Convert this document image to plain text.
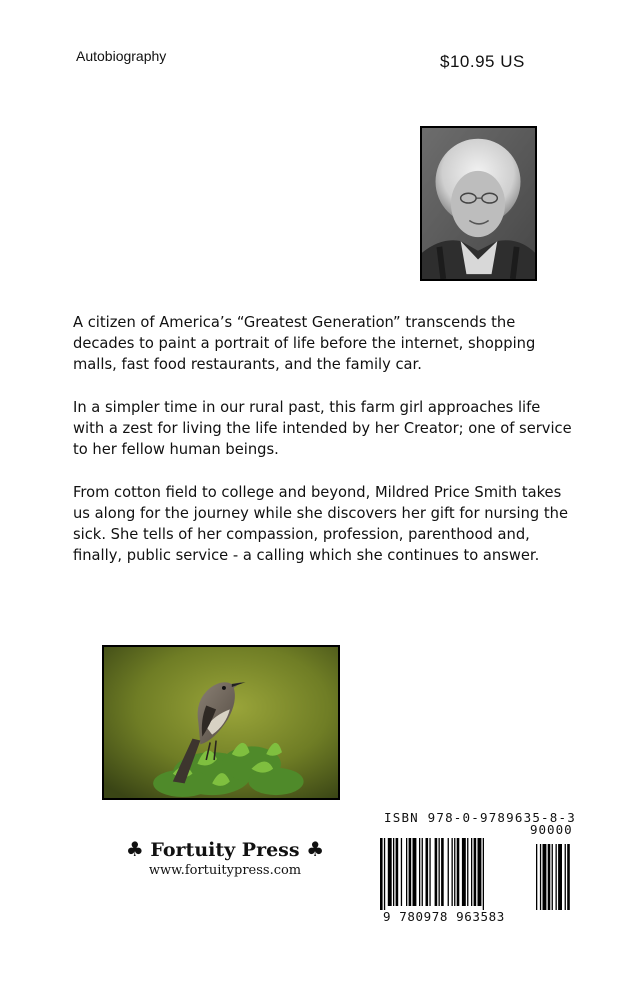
Autobiography	$10.95 US

A citizen of America’s “Greatest Generation” transcends the decades to paint a portrait of life before the internet, shopping malls, fast food restaurants, and the family car.

In a simpler time in our rural past, this farm girl approaches life with a zest for living the life intended by her Creator; one of service to her fellow human beings.

From cotton field to college and beyond, Mildred Price Smith takes us along for the journey while she discovers her gift for nursing the sick. She tells of her compassion, profession, parenthood and, finally, public service - a calling which she continues to answer.

♣ Fortuity Press ♣
www.fortuitypress.com
ISBN 978-0-9789635-8-3
90000
9 780978 963583
